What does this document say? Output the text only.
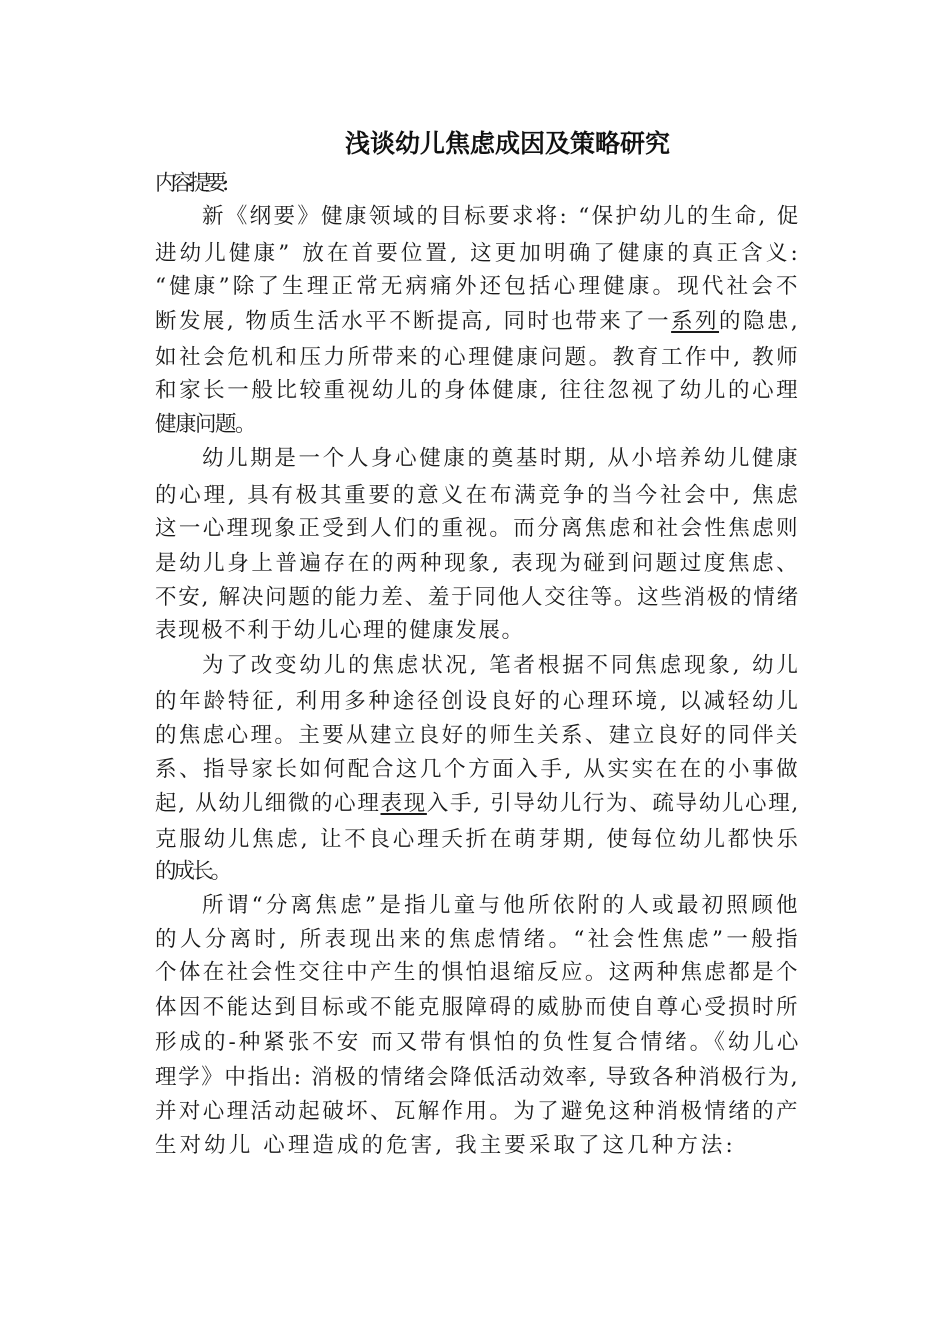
浅谈幼儿焦虑成因及策略研究

内容提要:

新《纲要》健康领域的目标要求将: “保护幼儿的生命, 促

进幼儿健康” 放在首要位置, 这更加明确了健康的真正含义:

“健康”除了生理正常无病痛外还包括心理健康。现代社会不

断发展, 物质生活水平不断提高, 同时也带来了一系列的隐患,

如社会危机和压力所带来的心理健康问题。教育工作中, 教师

和家长一般比较重视幼儿的身体健康, 往往忽视了幼儿的心理

健康问题。

幼儿期是一个人身心健康的奠基时期, 从小培养幼儿健康

的心理, 具有极其重要的意义在布满竞争的当今社会中, 焦虑

这一心理现象正受到人们的重视。而分离焦虑和社会性焦虑则

是幼儿身上普遍存在的两种现象, 表现为碰到问题过度焦虑、

不安, 解决问题的能力差、羞于同他人交往等。这些消极的情绪

表现极不利于幼儿心理的健康发展。

为了改变幼儿的焦虑状况, 笔者根据不同焦虑现象, 幼儿

的年龄特征, 利用多种途径创设良好的心理环境, 以减轻幼儿

的焦虑心理。主要从建立良好的师生关系、建立良好的同伴关

系、指导家长如何配合这几个方面入手, 从实实在在的小事做

起, 从幼儿细微的心理表现入手, 引导幼儿行为、疏导幼儿心理,

克服幼儿焦虑, 让不良心理夭折在萌芽期, 使每位幼儿都快乐

的成长。

所谓“分离焦虑”是指儿童与他所依附的人或最初照顾他

的人分离时, 所表现出来的焦虑情绪。“社会性焦虑”一般指

个体在社会性交往中产生的惧怕退缩反应。这两种焦虑都是个

体因不能达到目标或不能克服障碍的威胁而使自尊心受损时所

形成的-种紧张不安 而又带有惧怕的负性复合情绪。《幼儿心

理学》中指出: 消极的情绪会降低活动效率, 导致各种消极行为,

并对心理活动起破坏、瓦解作用。为了避免这种消极情绪的产

生对幼儿 心理造成的危害, 我主要采取了这几种方法:
